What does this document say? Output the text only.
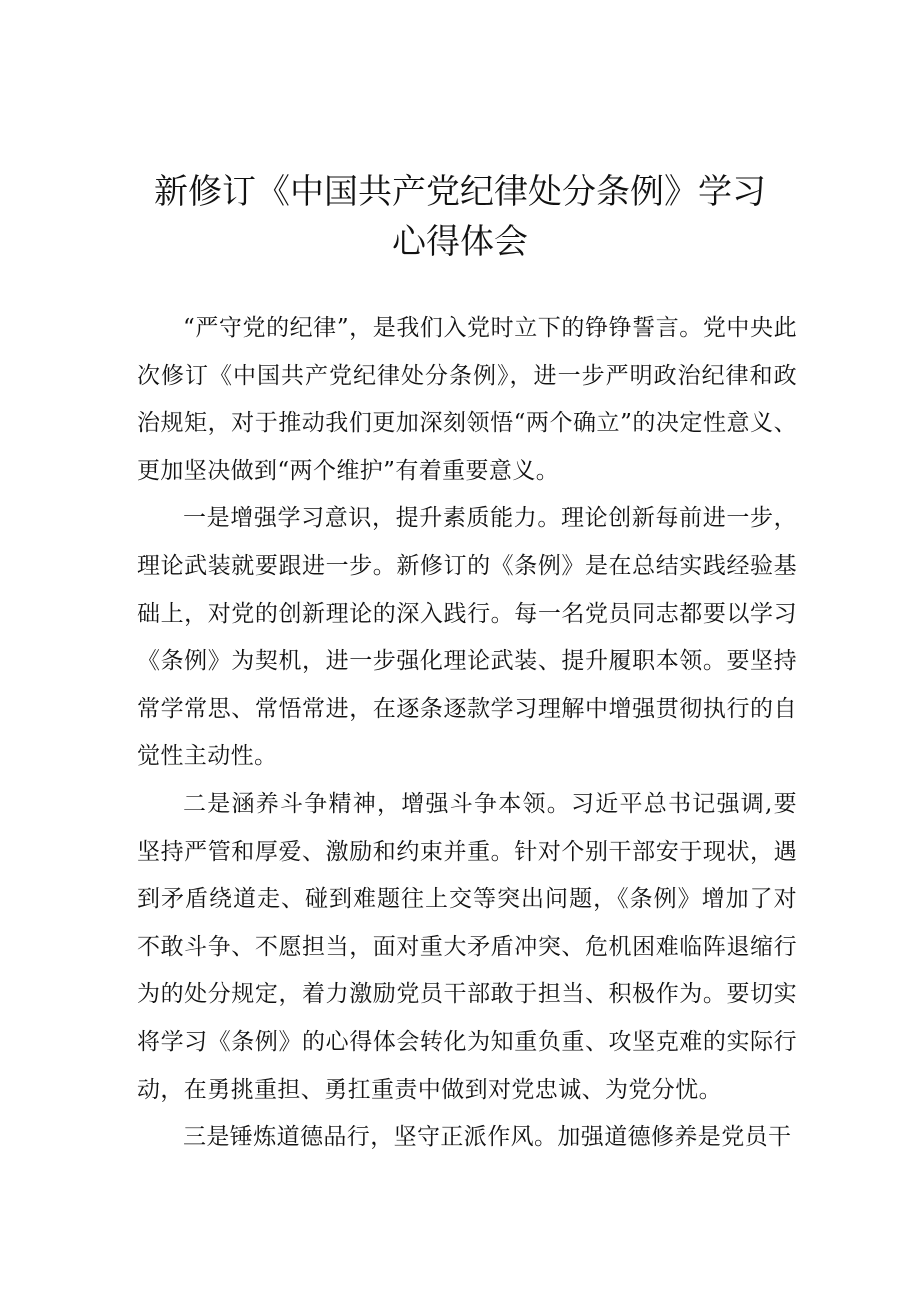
新修订《中国共产党纪律处分条例》学习
心得体会

“严守党的纪律”，是我们入党时立下的铮铮誓言。党中央此次修订《中国共产党纪律处分条例》，进一步严明政治纪律和政治规矩，对于推动我们更加深刻领悟“两个确立”的决定性意义、更加坚决做到“两个维护”有着重要意义。

一是增强学习意识，提升素质能力。理论创新每前进一步，理论武装就要跟进一步。新修订的《条例》是在总结实践经验基础上，对党的创新理论的深入践行。每一名党员同志都要以学习《条例》为契机，进一步强化理论武装、提升履职本领。要坚持常学常思、常悟常进，在逐条逐款学习理解中增强贯彻执行的自觉性主动性。

二是涵养斗争精神，增强斗争本领。习近平总书记强调,要坚持严管和厚爱、激励和约束并重。针对个别干部安于现状，遇到矛盾绕道走、碰到难题往上交等突出问题，《条例》增加了对不敢斗争、不愿担当，面对重大矛盾冲突、危机困难临阵退缩行为的处分规定，着力激励党员干部敢于担当、积极作为。要切实将学习《条例》的心得体会转化为知重负重、攻坚克难的实际行动，在勇挑重担、勇扛重责中做到对党忠诚、为党分忧。

三是锤炼道德品行，坚守正派作风。加强道德修养是党员干
